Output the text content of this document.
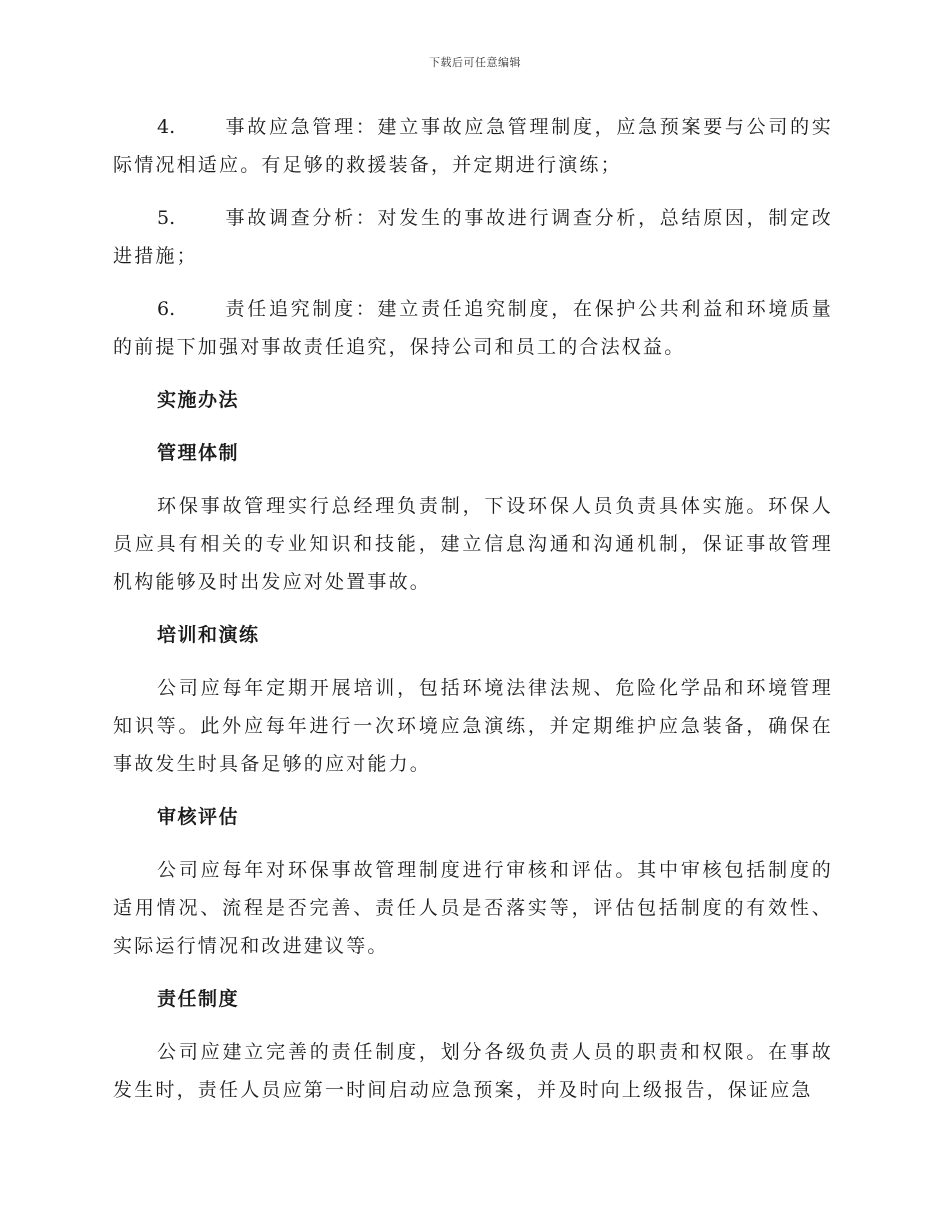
下载后可任意编辑

4.	事故应急管理：建立事故应急管理制度，应急预案要与公司的实际情况相适应。有足够的救援装备，并定期进行演练；

5.	事故调查分析：对发生的事故进行调查分析，总结原因，制定改进措施；

6.	责任追究制度：建立责任追究制度，在保护公共利益和环境质量的前提下加强对事故责任追究，保持公司和员工的合法权益。

实施办法
管理体制

环保事故管理实行总经理负责制，下设环保人员负责具体实施。环保人员应具有相关的专业知识和技能，建立信息沟通和沟通机制，保证事故管理机构能够及时出发应对处置事故。

培训和演练

公司应每年定期开展培训，包括环境法律法规、危险化学品和环境管理知识等。此外应每年进行一次环境应急演练，并定期维护应急装备，确保在事故发生时具备足够的应对能力。

审核评估

公司应每年对环保事故管理制度进行审核和评估。其中审核包括制度的适用情况、流程是否完善、责任人员是否落实等，评估包括制度的有效性、实际运行情况和改进建议等。

责任制度

公司应建立完善的责任制度，划分各级负责人员的职责和权限。在事故发生时，责任人员应第一时间启动应急预案，并及时向上级报告，保证应急
